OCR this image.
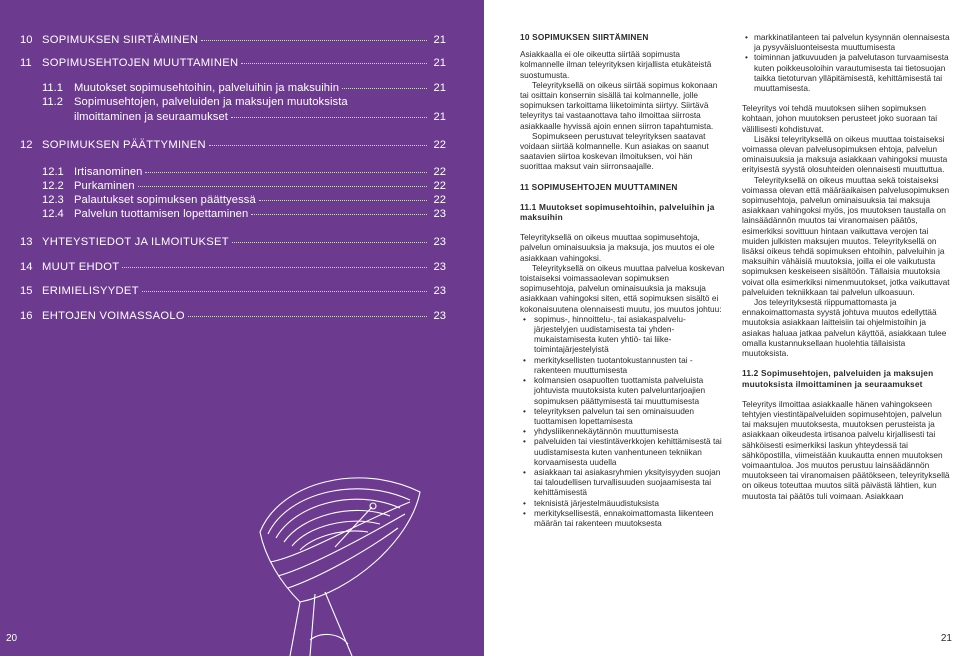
10 SOPIMUKSEN SIIRTÄMINEN	21
11 SOPIMUSEHTOJEN MUUTTAMINEN	21
11.1 Muutokset sopimusehtoihin, palveluihin ja maksuihin	21
11.2 Sopimusehtojen, palveluiden ja maksujen muutoksista
ilmoittaminen ja seuraamukset	21
12 SOPIMUKSEN PÄÄTTYMINEN	22
12.1 Irtisanominen	22
12.2 Purkaminen	22
12.3 Palautukset sopimuksen päättyessä	22
12.4 Palvelun tuottamisen lopettaminen	23
13 YHTEYSTIEDOT JA ILMOITUKSET	23
14 MUUT EHDOT	23
15 ERIMIELISYYDET	23
16 EHTOJEN VOIMASSAOLO	23
20
10 SOPIMUKSEN SIIRTÄMINEN

Asiakkaalla ei ole oikeutta siirtää sopimusta kolmannelle ilman teleyrityksen kirjallista etukäteistä suostumusta.

Teleyrityksellä on oikeus siirtää sopimus kokonaan tai osittain konsernin sisällä tai kolmannelle, jolle sopimuksen tarkoittama liiketoiminta siirtyy. Siirtävä teleyritys tai vastaanottava taho ilmoittaa siirrosta asiakkaalle hyvissä ajoin ennen siirron tapahtumista.

Sopimukseen perustuvat teleyrityksen saatavat voidaan siirtää kolmannelle. Kun asiakas on saanut saatavien siirtoa koskevan ilmoituksen, voi hän suorittaa maksut vain siirronsaajalle.

11 SOPIMUSEHTOJEN MUUTTAMINEN
11.1 Muutokset sopimusehtoihin, palveluihin ja maksuihin

Teleyrityksellä on oikeus muuttaa sopimusehtoja, palvelun ominaisuuksia ja maksuja, jos muutos ei ole asiakkaan vahingoksi.

Teleyrityksellä on oikeus muuttaa palvelua koskevan toistaiseksi voimassaolevan sopimuksen sopimusehtoja, palvelun ominaisuuksia ja maksuja asiakkaan vahingoksi siten, että sopimuksen sisältö ei kokonaisuutena olennaisesti muutu, jos muutos johtuu:

• sopimus-, hinnoittelu-, tai asiakaspalvelujärjestelyjen uudistamisesta tai yhdenmukaistamisesta kuten yhtiö- tai liiketoimintajärjestelyistä
• merkityksellisten tuotantokustannusten tai -rakenteen muuttumisesta
• kolmansien osapuolten tuottamista palveluista johtuvista muutoksista kuten palveluntarjoajien sopimuksen päättymisestä tai muuttumisesta
• teleyrityksen palvelun tai sen ominaisuuden tuottamisen lopettamisesta
• yhdysliikennekäytännön muuttumisesta
• palveluiden tai viestintäverkkojen kehittämisestä tai uudistamisesta kuten vanhentuneen tekniikan korvaamisesta uudella
• asiakkaan tai asiakasryhmien yksityisyyden suojan tai taloudellisen turvallisuuden suojaamisesta tai kehittämisestä
• teknisistä järjestelmäuudistuksista
• merkityksellisestä, ennakoimattomasta liikenteen määrän tai rakenteen muutoksesta
• markkinatilanteen tai palvelun kysynnän olennaisesta ja pysyväisluonteisesta muuttumisesta
• toiminnan jatkuvuuden ja palvelutason turvaamisesta kuten poikkeusoloihin varautumisesta tai tietosuojan taikka tietoturvan ylläpitämisestä, kehittämisestä tai muuttamisesta.

Teleyritys voi tehdä muutoksen siihen sopimuksen kohtaan, johon muutoksen perusteet joko suoraan tai välillisesti kohdistuvat.

Lisäksi teleyrityksellä on oikeus muuttaa toistaiseksi voimassa olevan palvelusopimuksen ehtoja, palvelun ominaisuuksia ja maksuja asiakkaan vahingoksi muusta erityisestä syystä olosuhteiden olennaisesti muuttuttua.

Teleyrityksellä on oikeus muuttaa sekä toistaiseksi voimassa olevan että määräaikaisen palvelusopimuksen sopimusehtoja, palvelun ominaisuuksia tai maksuja asiakkaan vahingoksi myös, jos muutoksen taustalla on lainsäädännön muutos tai viranomaisen päätös, esimerkiksi sovittuun hintaan vaikuttava verojen tai muiden julkisten maksujen muutos. Teleyrityksellä on lisäksi oikeus tehdä sopimuksen ehtoihin, palveluihin ja maksuihin vähäisiä muutoksia, joilla ei ole vaikutusta sopimuksen keskeiseen sisältöön. Tällaisia muutoksia voivat olla esimerkiksi nimenmuutokset, jotka vaikuttavat palveluiden tekniikkaan tai palvelun ulkoasuun.

Jos teleyrityksestä riippumattomasta ja ennakoimattomasta syystä johtuva muutos edellyttää muutoksia asiakkaan laitteisiin tai ohjelmistoihin ja asiakas haluaa jatkaa palvelun käyttöä, asiakkaan tulee omalla kustannuksellaan huolehtia tällaisista muutoksista.

11.2 Sopimusehtojen, palveluiden ja maksujen muutoksista ilmoittaminen ja seuraamukset

Teleyritys ilmoittaa asiakkaalle hänen vahingokseen tehtyjen viestintäpalveluiden sopimusehtojen, palvelun tai maksujen muutoksesta, muutoksen perusteista ja asiakkaan oikeudesta irtisanoa palvelu kirjallisesti tai sähköisesti esimerkiksi laskun yhteydessä tai sähköpostilla, viimeistään kuukautta ennen muutoksen voimaantuloa. Jos muutos perustuu lainsäädännön muutokseen tai viranomaisen päätökseen, teleyrityksellä on oikeus toteuttaa muutos siitä päivästä lähtien, kun muutosta tai päätös tuli voimaan. Asiakkaan

21
